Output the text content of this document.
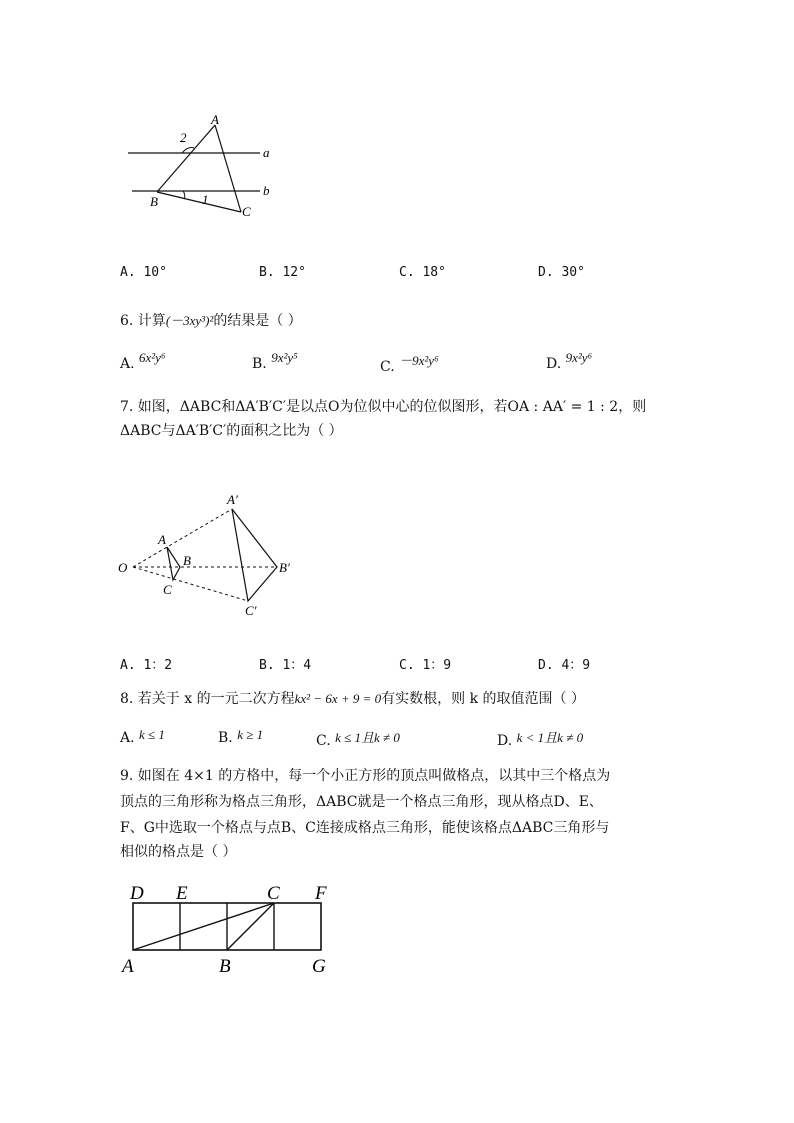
A
2
a
b
B	1
C
A. 10°	B. 12°	C. 18°	D. 30°
6. 计算(－3xy³)²的结果是（ ）
A. 6x²y⁶	B. 9x²y⁵
C. －9x²y⁶	D. 9x²y⁶
7. 如图，ΔABC和ΔA′B′C′是以点O为位似中心的位似图形，若OA : AA′ = 1 : 2，则
ΔABC与ΔA′B′C′的面积之比为（ ）
O
A
B
C
A′
B′
C′
A. 1：2	B. 1：4	C. 1：9	D. 4：9
8. 若关于 x 的一元二次方程kx² − 6x + 9 = 0有实数根，则 k 的取值范围（ ）
A. k ≤ 1	B. k ≥ 1	C. k ≤ 1且k ≠ 0	D. k < 1且k ≠ 0
9. 如图在 4×1 的方格中，每一个小正方形的顶点叫做格点，以其中三个格点为
顶点的三角形称为格点三角形，ΔABC就是一个格点三角形，现从格点D、E、
F、G中选取一个格点与点B、C连接成格点三角形，能使该格点ΔABC三角形与
相似的格点是（ ）
D E	C F
A	B	G
